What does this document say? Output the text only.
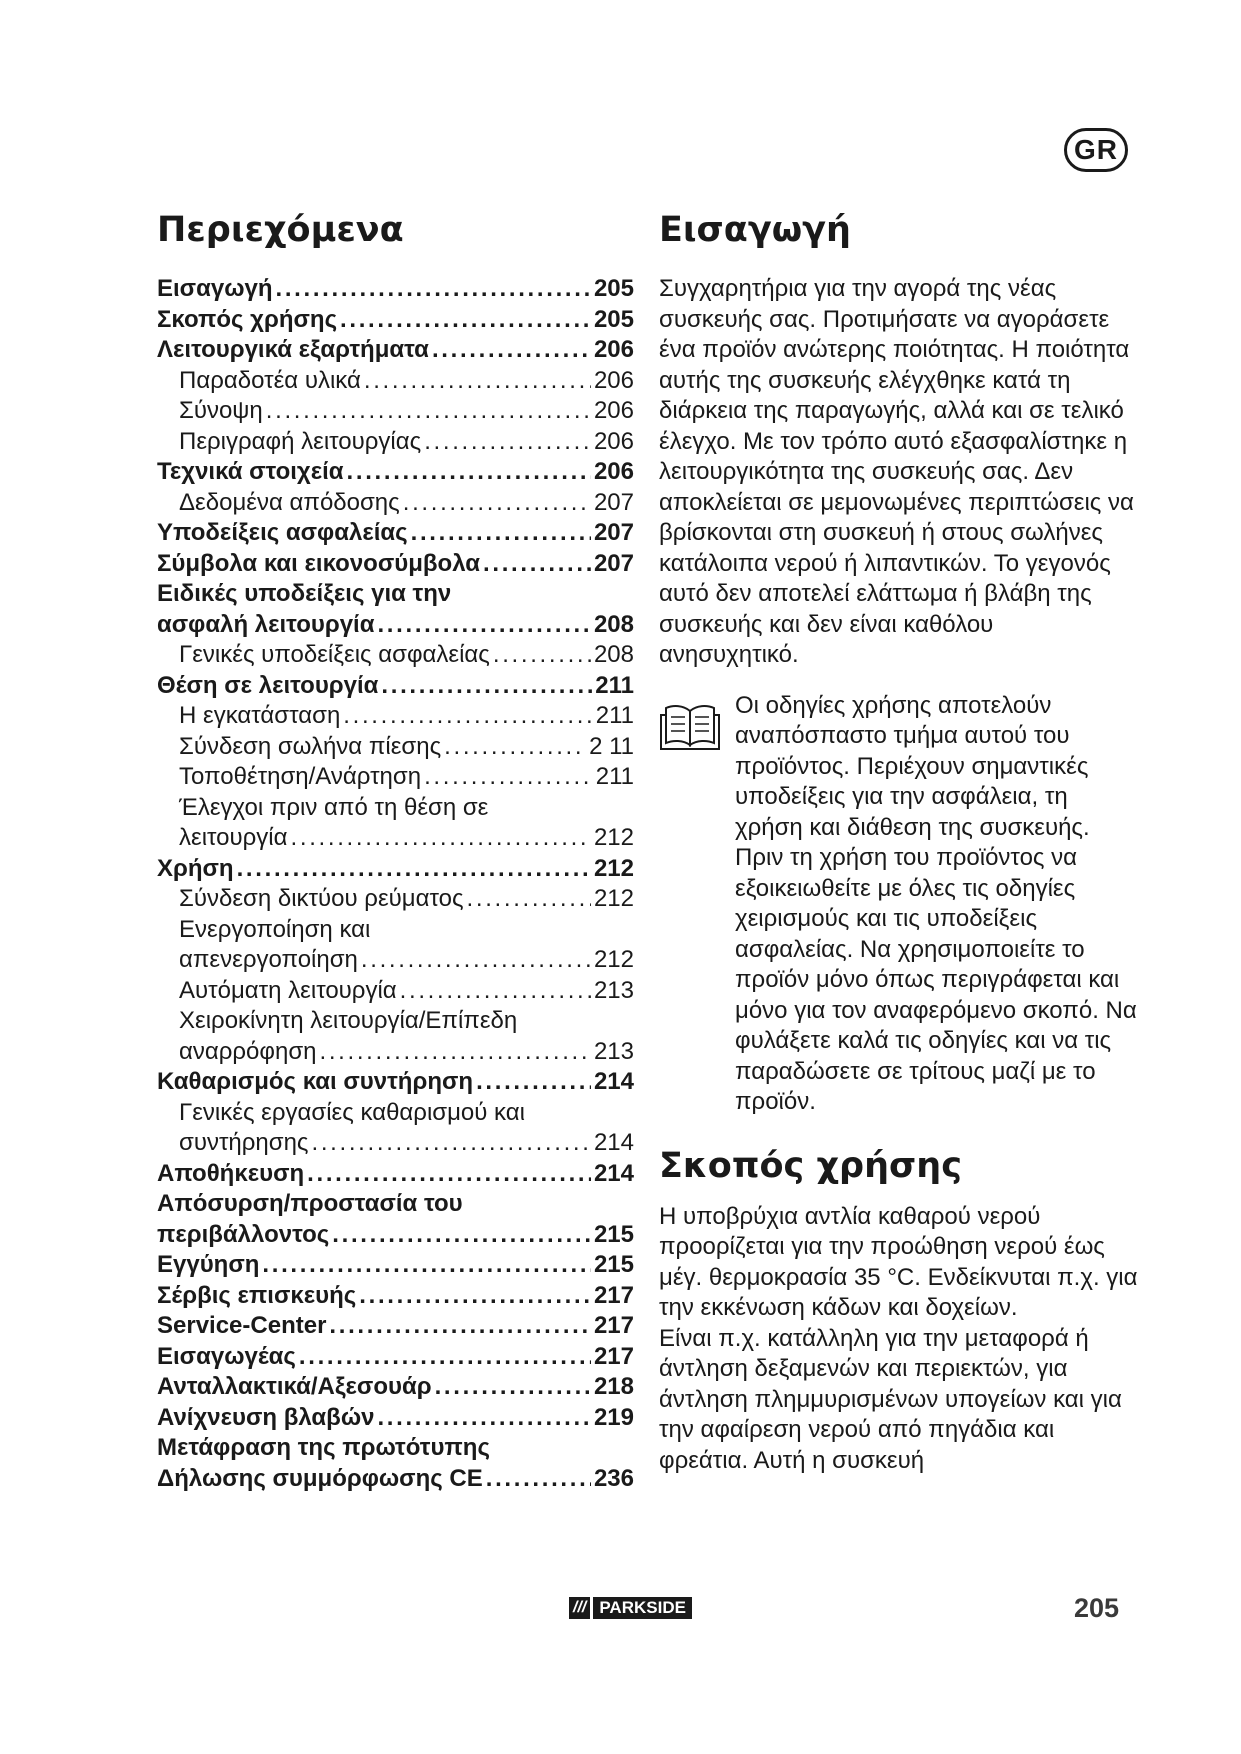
GR
Περιεχόμενα
Εισαγωγή . . .	205
Σκοπός χρήσης . . .	205
Λειτουργικά εξαρτήματα . . .	206
Παραδοτέα υλικά . . .	206
Σύνοψη . . .	206
Περιγραφή λειτουργίας . . .	206
Τεχνικά στοιχεία . . .	206
Δεδομένα απόδοσης . . .	207
Υποδείξεις ασφαλείας . . .	207
Σύμβολα και εικονοσύμβολα . . .	207
Ειδικές υποδείξεις για την
ασφαλή λειτουργία . . .	208
Γενικές υποδείξεις ασφαλείας . . .	208
Θέση σε λειτουργία . . .	211
Η εγκατάσταση . . .	211
Σύνδεση σωλήνα πίεσης . . .	2 11
Τοποθέτηση/Ανάρτηση . . .	211
Έλεγχοι πριν από τη θέση σε
λειτουργία . . .	212
Χρήση . . .	212
Σύνδεση δικτύου ρεύματος . . .	212
Ενεργοποίηση και
απενεργοποίηση . . .	212
Αυτόματη λειτουργία . . .	213
Χειροκίνητη λειτουργία/Επίπεδη
αναρρόφηση . . .	213
Καθαρισμός και συντήρηση . . .	214
Γενικές εργασίες καθαρισμού και
συντήρησης . . .	214
Αποθήκευση . . .	214
Απόσυρση/προστασία του
περιβάλλοντος . . .	215
Εγγύηση . . .	215
Σέρβις επισκευής . . .	217
Service-Center . . .	217
Εισαγωγέας . . .	217
Ανταλλακτικά/Αξεσουάρ . . .	218
Ανίχνευση βλαβών . . .	219
Μετάφραση της πρωτότυπης
Δήλωσης συμμόρφωσης CE . . .	236
Εισαγωγή

Συγχαρητήρια για την αγορά της νέας συσκευής σας. Προτιμήσατε να αγοράσετε ένα προϊόν ανώτερης ποιότητας. Η ποιότητα αυτής της συσκευής ελέγχθηκε κατά τη διάρκεια της παραγωγής, αλλά και σε τελικό έλεγχο. Με τον τρόπο αυτό εξασφαλίστηκε η λειτουργικότητα της συσκευής σας. Δεν αποκλείεται σε μεμονωμένες περιπτώσεις να βρίσκονται στη συσκευή ή στους σωλήνες κατάλοιπα νερού ή λιπαντικών. Το γεγονός αυτό δεν αποτελεί ελάττωμα ή βλάβη της συσκευής και δεν είναι καθόλου ανησυχητικό.

Οι οδηγίες χρήσης αποτελούν αναπόσπαστο τμήμα αυτού του προϊόντος. Περιέχουν σημαντικές υποδείξεις για την ασφάλεια, τη χρήση και διάθεση της συσκευής. Πριν τη χρήση του προϊόντος να εξοικειωθείτε με όλες τις οδηγίες χειρισμούς και τις υποδείξεις ασφαλείας. Να χρησιμοποιείτε το προϊόν μόνο όπως περιγράφεται και μόνο για τον αναφερόμενο σκοπό. Να φυλάξετε καλά τις οδηγίες και να τις παραδώσετε σε τρίτους μαζί με το προϊόν.
Σκοπός χρήσης

Η υποβρύχια αντλία καθαρού νερού προορίζεται για την προώθηση νερού έως μέγ. θερμοκρασία 35 °C. Ενδείκνυται π.χ. για την εκκένωση κάδων και δοχείων.

Είναι π.χ. κατάλληλη για την μεταφορά ή άντληση δεξαμενών και περιεκτών, για άντληση πλημμυρισμένων υπογείων και για την αφαίρεση νερού από πηγάδια και φρεάτια. Αυτή η συσκευή

/// PARKSIDE	205
